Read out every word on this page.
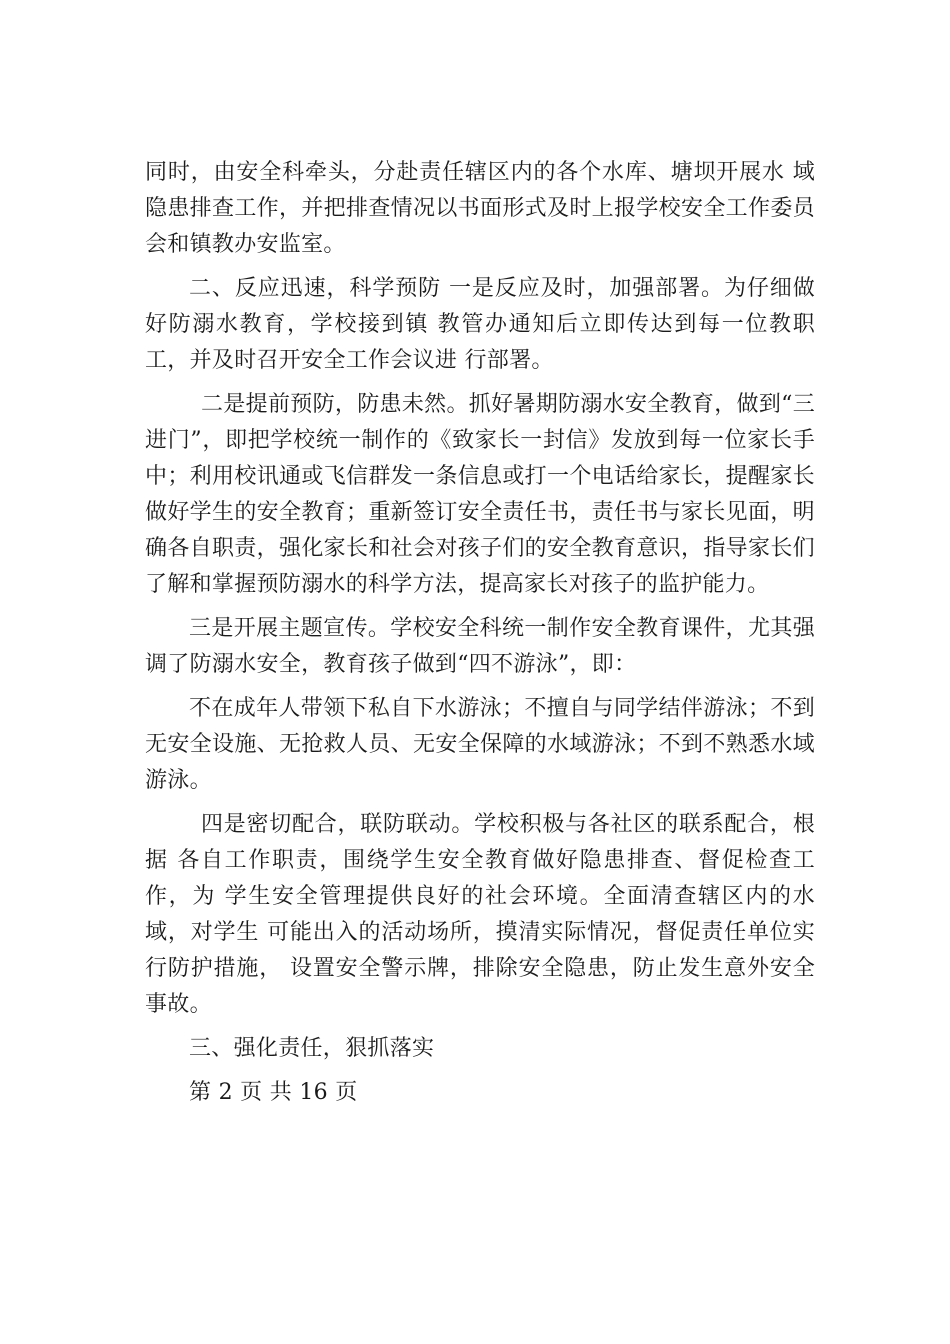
同时，由安全科牵头，分赴责任辖区内的各个水库、塘坝开展水 域隐患排查工作，并把排查情况以书面形式及时上报学校安全工作委员会和镇教办安监室。

二、反应迅速，科学预防 一是反应及时，加强部署。为仔细做好防溺水教育，学校接到镇 教管办通知后立即传达到每一位教职工，并及时召开安全工作会议进 行部署。

二是提前预防，防患未然。抓好暑期防溺水安全教育，做到“三 进门”，即把学校统一制作的《致家长一封信》发放到每一位家长手 中；利用校讯通或飞信群发一条信息或打一个电话给家长，提醒家长 做好学生的安全教育；重新签订安全责任书，责任书与家长见面，明 确各自职责，强化家长和社会对孩子们的安全教育意识，指导家长们 了解和掌握预防溺水的科学方法，提高家长对孩子的监护能力。

三是开展主题宣传。学校安全科统一制作安全教育课件，尤其强 调了防溺水安全，教育孩子做到“四不游泳”，即：

不在成年人带领下私自下水游泳；不擅自与同学结伴游泳；不到 无安全设施、无抢救人员、无安全保障的水域游泳；不到不熟悉水域 游泳。

四是密切配合，联防联动。学校积极与各社区的联系配合，根据 各自工作职责，围绕学生安全教育做好隐患排查、督促检查工作，为 学生安全管理提供良好的社会环境。全面清查辖区内的水域，对学生 可能出入的活动场所，摸清实际情况，督促责任单位实行防护措施， 设置安全警示牌，排除安全隐患，防止发生意外安全事故。

三、强化责任，狠抓落实

第 2 页 共 16 页
